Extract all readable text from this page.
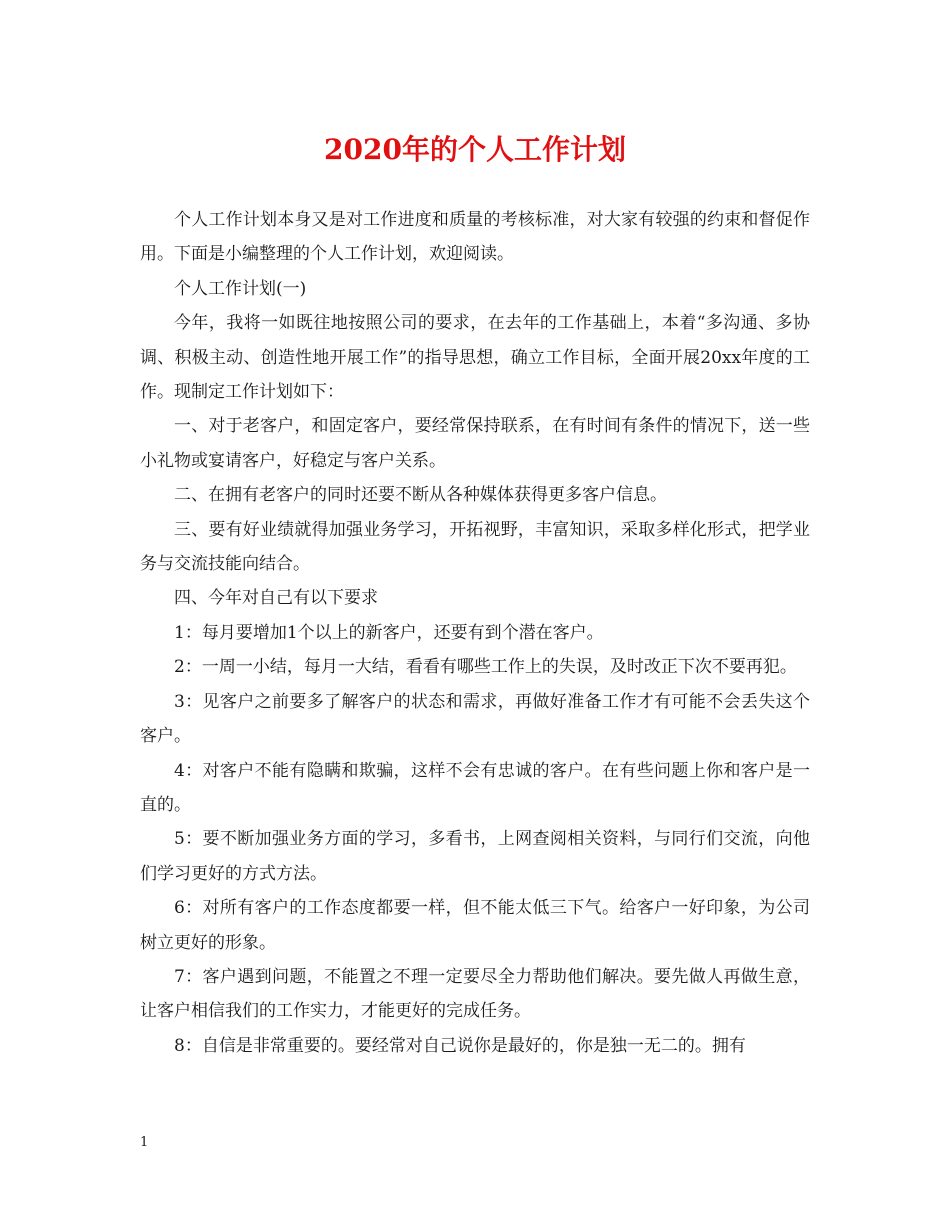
2020年的个人工作计划

个人工作计划本身又是对工作进度和质量的考核标准，对大家有较强的约束和督促作用。下面是小编整理的个人工作计划，欢迎阅读。

个人工作计划(一)

今年，我将一如既往地按照公司的要求，在去年的工作基础上，本着“多沟通、多协调、积极主动、创造性地开展工作”的指导思想，确立工作目标，全面开展20xx年度的工作。现制定工作计划如下：

一、对于老客户，和固定客户，要经常保持联系，在有时间有条件的情况下，送一些小礼物或宴请客户，好稳定与客户关系。

二、在拥有老客户的同时还要不断从各种媒体获得更多客户信息。

三、要有好业绩就得加强业务学习，开拓视野，丰富知识，采取多样化形式，把学业务与交流技能向结合。

四、今年对自己有以下要求

1：每月要增加1个以上的新客户，还要有到个潜在客户。

2：一周一小结，每月一大结，看看有哪些工作上的失误，及时改正下次不要再犯。

3：见客户之前要多了解客户的状态和需求，再做好准备工作才有可能不会丢失这个客户。

4：对客户不能有隐瞒和欺骗，这样不会有忠诚的客户。在有些问题上你和客户是一直的。

5：要不断加强业务方面的学习，多看书，上网查阅相关资料，与同行们交流，向他们学习更好的方式方法。

6：对所有客户的工作态度都要一样，但不能太低三下气。给客户一好印象，为公司树立更好的形象。

7：客户遇到问题，不能置之不理一定要尽全力帮助他们解决。要先做人再做生意，让客户相信我们的工作实力，才能更好的完成任务。

8：自信是非常重要的。要经常对自己说你是最好的，你是独一无二的。拥有

1
